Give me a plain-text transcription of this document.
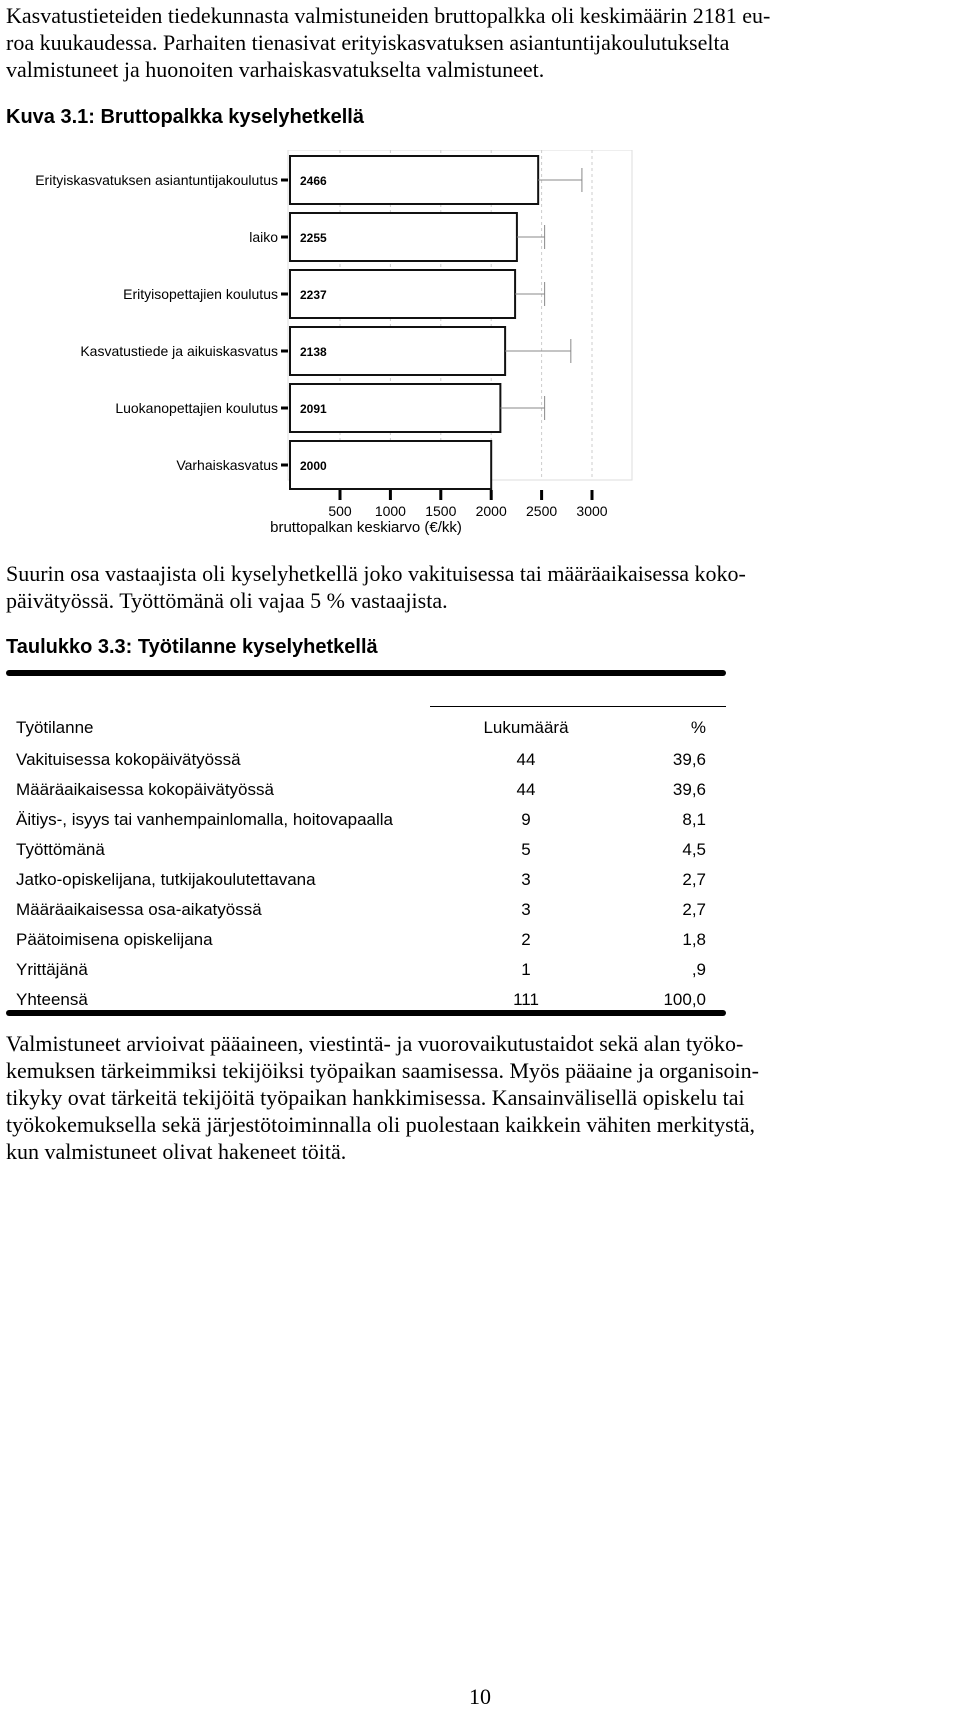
Kasvatustieteiden tiedekunnasta valmistuneiden bruttopalkka oli keskimäärin 2181 eu-
roa kuukaudessa. Parhaiten tienasivat erityiskasvatuksen asiantuntijakoulutukselta
valmistuneet ja huonoiten varhaiskasvatukselta valmistuneet.
Kuva 3.1: Bruttopalkka kyselyhetkellä
2466
2255
2237
2138
2091
2000
Erityiskasvatuksen asiantuntijakoulutus
laiko
Erityisopettajien koulutus
Kasvatustiede ja aikuiskasvatus
Luokanopettajien koulutus
Varhaiskasvatus
500 1000 1500 2000 2500 3000
bruttopalkan keskiarvo (€/kk)
Suurin osa vastaajista oli kyselyhetkellä joko vakituisessa tai määräaikaisessa koko-
päivätyössä. Työttömänä oli vajaa 5 % vastaajista.
Taulukko 3.3: Työtilanne kyselyhetkellä
Työtilanne	Lukumäärä	%
Vakituisessa kokopäivätyössä	44	39,6
Määräaikaisessa kokopäivätyössä	44	39,6
Äitiys-, isyys tai vanhempainlomalla, hoitovapaalla	9	8,1
Työttömänä	5	4,5
Jatko-opiskelijana, tutkijakoulutettavana	3	2,7
Määräaikaisessa osa-aikatyössä	3	2,7
Päätoimisena opiskelijana	2	1,8
Yrittäjänä	1	,9
Yhteensä	111	100,0
Valmistuneet arvioivat pääaineen, viestintä- ja vuorovaikutustaidot sekä alan työko-
kemuksen tärkeimmiksi tekijöiksi työpaikan saamisessa. Myös pääaine ja organisoin-
tikyky ovat tärkeitä tekijöitä työpaikan hankkimisessa. Kansainvälisellä opiskelu tai
työkokemuksella sekä järjestötoiminnalla oli puolestaan kaikkein vähiten merkitystä,
kun valmistuneet olivat hakeneet töitä.
10
